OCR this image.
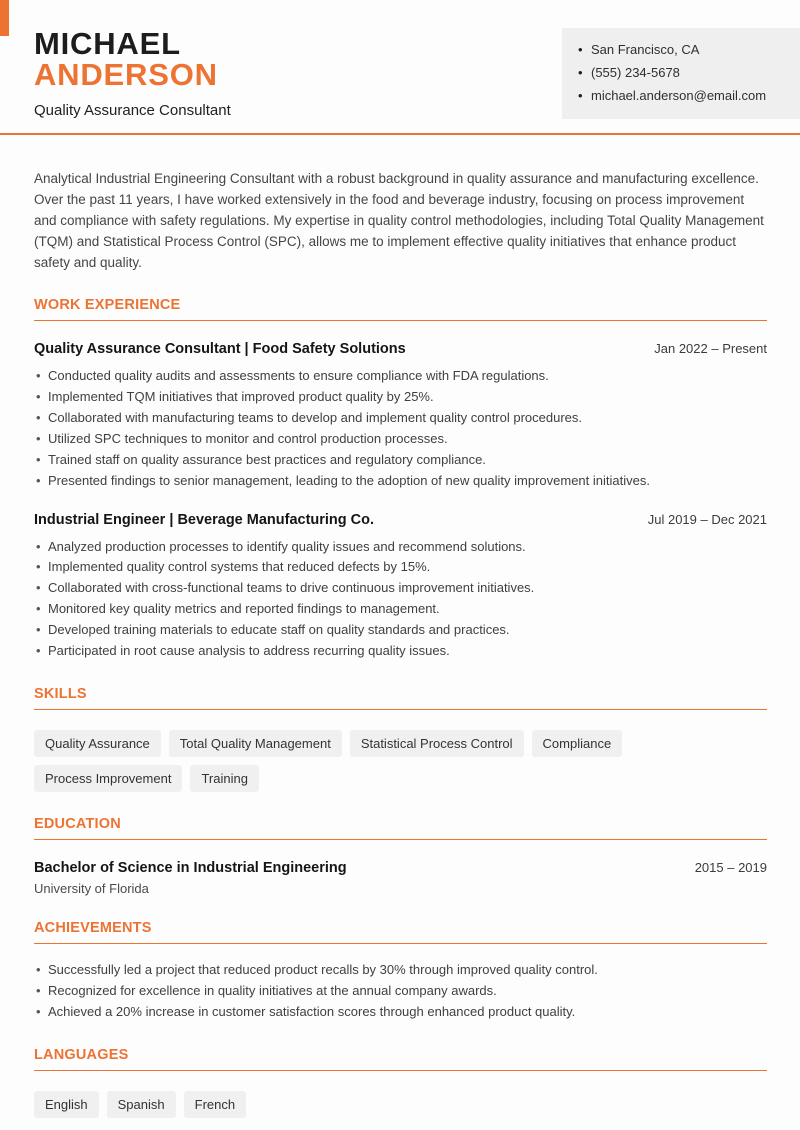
MICHAEL
ANDERSON
Quality Assurance Consultant
• San Francisco, CA
• (555) 234-5678
• michael.anderson@email.com

Analytical Industrial Engineering Consultant with a robust background in quality assurance and manufacturing excellence. Over the past 11 years, I have worked extensively in the food and beverage industry, focusing on process improvement and compliance with safety regulations. My expertise in quality control methodologies, including Total Quality Management (TQM) and Statistical Process Control (SPC), allows me to implement effective quality initiatives that enhance product safety and quality.

WORK EXPERIENCE
Quality Assurance Consultant | Food Safety Solutions	Jan 2022 – Present
• Conducted quality audits and assessments to ensure compliance with FDA regulations.
• Implemented TQM initiatives that improved product quality by 25%.
• Collaborated with manufacturing teams to develop and implement quality control procedures.
• Utilized SPC techniques to monitor and control production processes.
• Trained staff on quality assurance best practices and regulatory compliance.
• Presented findings to senior management, leading to the adoption of new quality improvement initiatives.
Industrial Engineer | Beverage Manufacturing Co.	Jul 2019 – Dec 2021
• Analyzed production processes to identify quality issues and recommend solutions.
• Implemented quality control systems that reduced defects by 15%.
• Collaborated with cross-functional teams to drive continuous improvement initiatives.
• Monitored key quality metrics and reported findings to management.
• Developed training materials to educate staff on quality standards and practices.
• Participated in root cause analysis to address recurring quality issues.
SKILLS
Quality Assurance	Total Quality Management	Statistical Process Control	Compliance
Process Improvement	Training
EDUCATION
Bachelor of Science in Industrial Engineering	2015 – 2019
University of Florida
ACHIEVEMENTS
• Successfully led a project that reduced product recalls by 30% through improved quality control.
• Recognized for excellence in quality initiatives at the annual company awards.
• Achieved a 20% increase in customer satisfaction scores through enhanced product quality.
LANGUAGES
English	Spanish	French
